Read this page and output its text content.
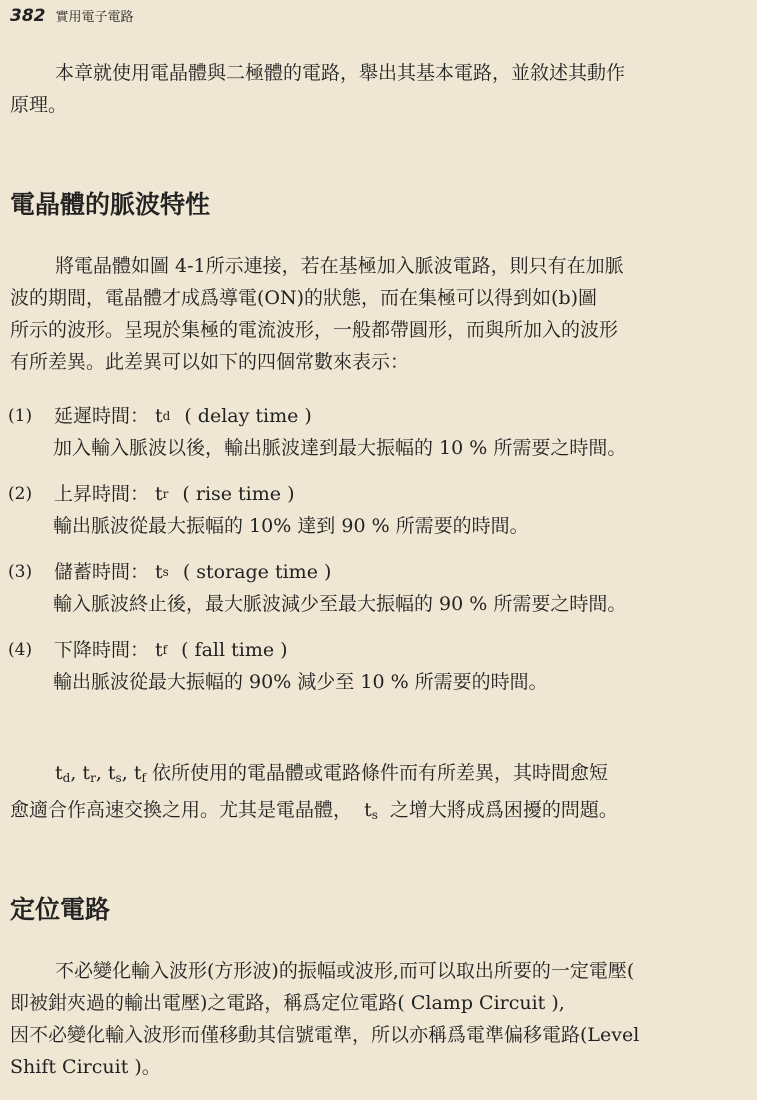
382 實用電子電路

本章就使用電晶體與二極體的電路，舉出其基本電路，並敘述其動作
原理。

電晶體的脈波特性

將電晶體如圖 4-1所示連接，若在基極加入脈波電路，則只有在加脈
波的期間，電晶體才成爲導電(ON)的狀態，而在集極可以得到如(b)圖
所示的波形。呈現於集極的電流波形，一般都帶圓形，而與所加入的波形
有所差異。此差異可以如下的四個常數來表示：

(1)	延遲時間： t d ( delay time )
加入輸入脈波以後，輸出脈波達到最大振幅的 10 % 所需要之時間。
(2)	上昇時間： t r ( rise time )
輸出脈波從最大振幅的 10% 達到 90 % 所需要的時間。
(3)	儲蓄時間： t s ( storage time )
輸入脈波終止後，最大脈波減少至最大振幅的 90 % 所需要之時間。
(4)	下降時間： t f ( fall time )
輸出脈波從最大振幅的 90% 減少至 10 % 所需要的時間。

$t_d$, $t_r$, $t_s$, $t_f$ 依所使用的電晶體或電路條件而有所差異，其時間愈短
愈適合作高速交換之用。尤其是電晶體， $t_s$ 之增大將成爲困擾的問題。

定位電路

不必變化輸入波形(方形波)的振幅或波形,而可以取出所要的一定電壓(
即被鉗夾過的輸出電壓)之電路，稱爲定位電路( Clamp Circuit ),
因不必變化輸入波形而僅移動其信號電準，所以亦稱爲電準偏移電路(Level
Shift Circuit )。
